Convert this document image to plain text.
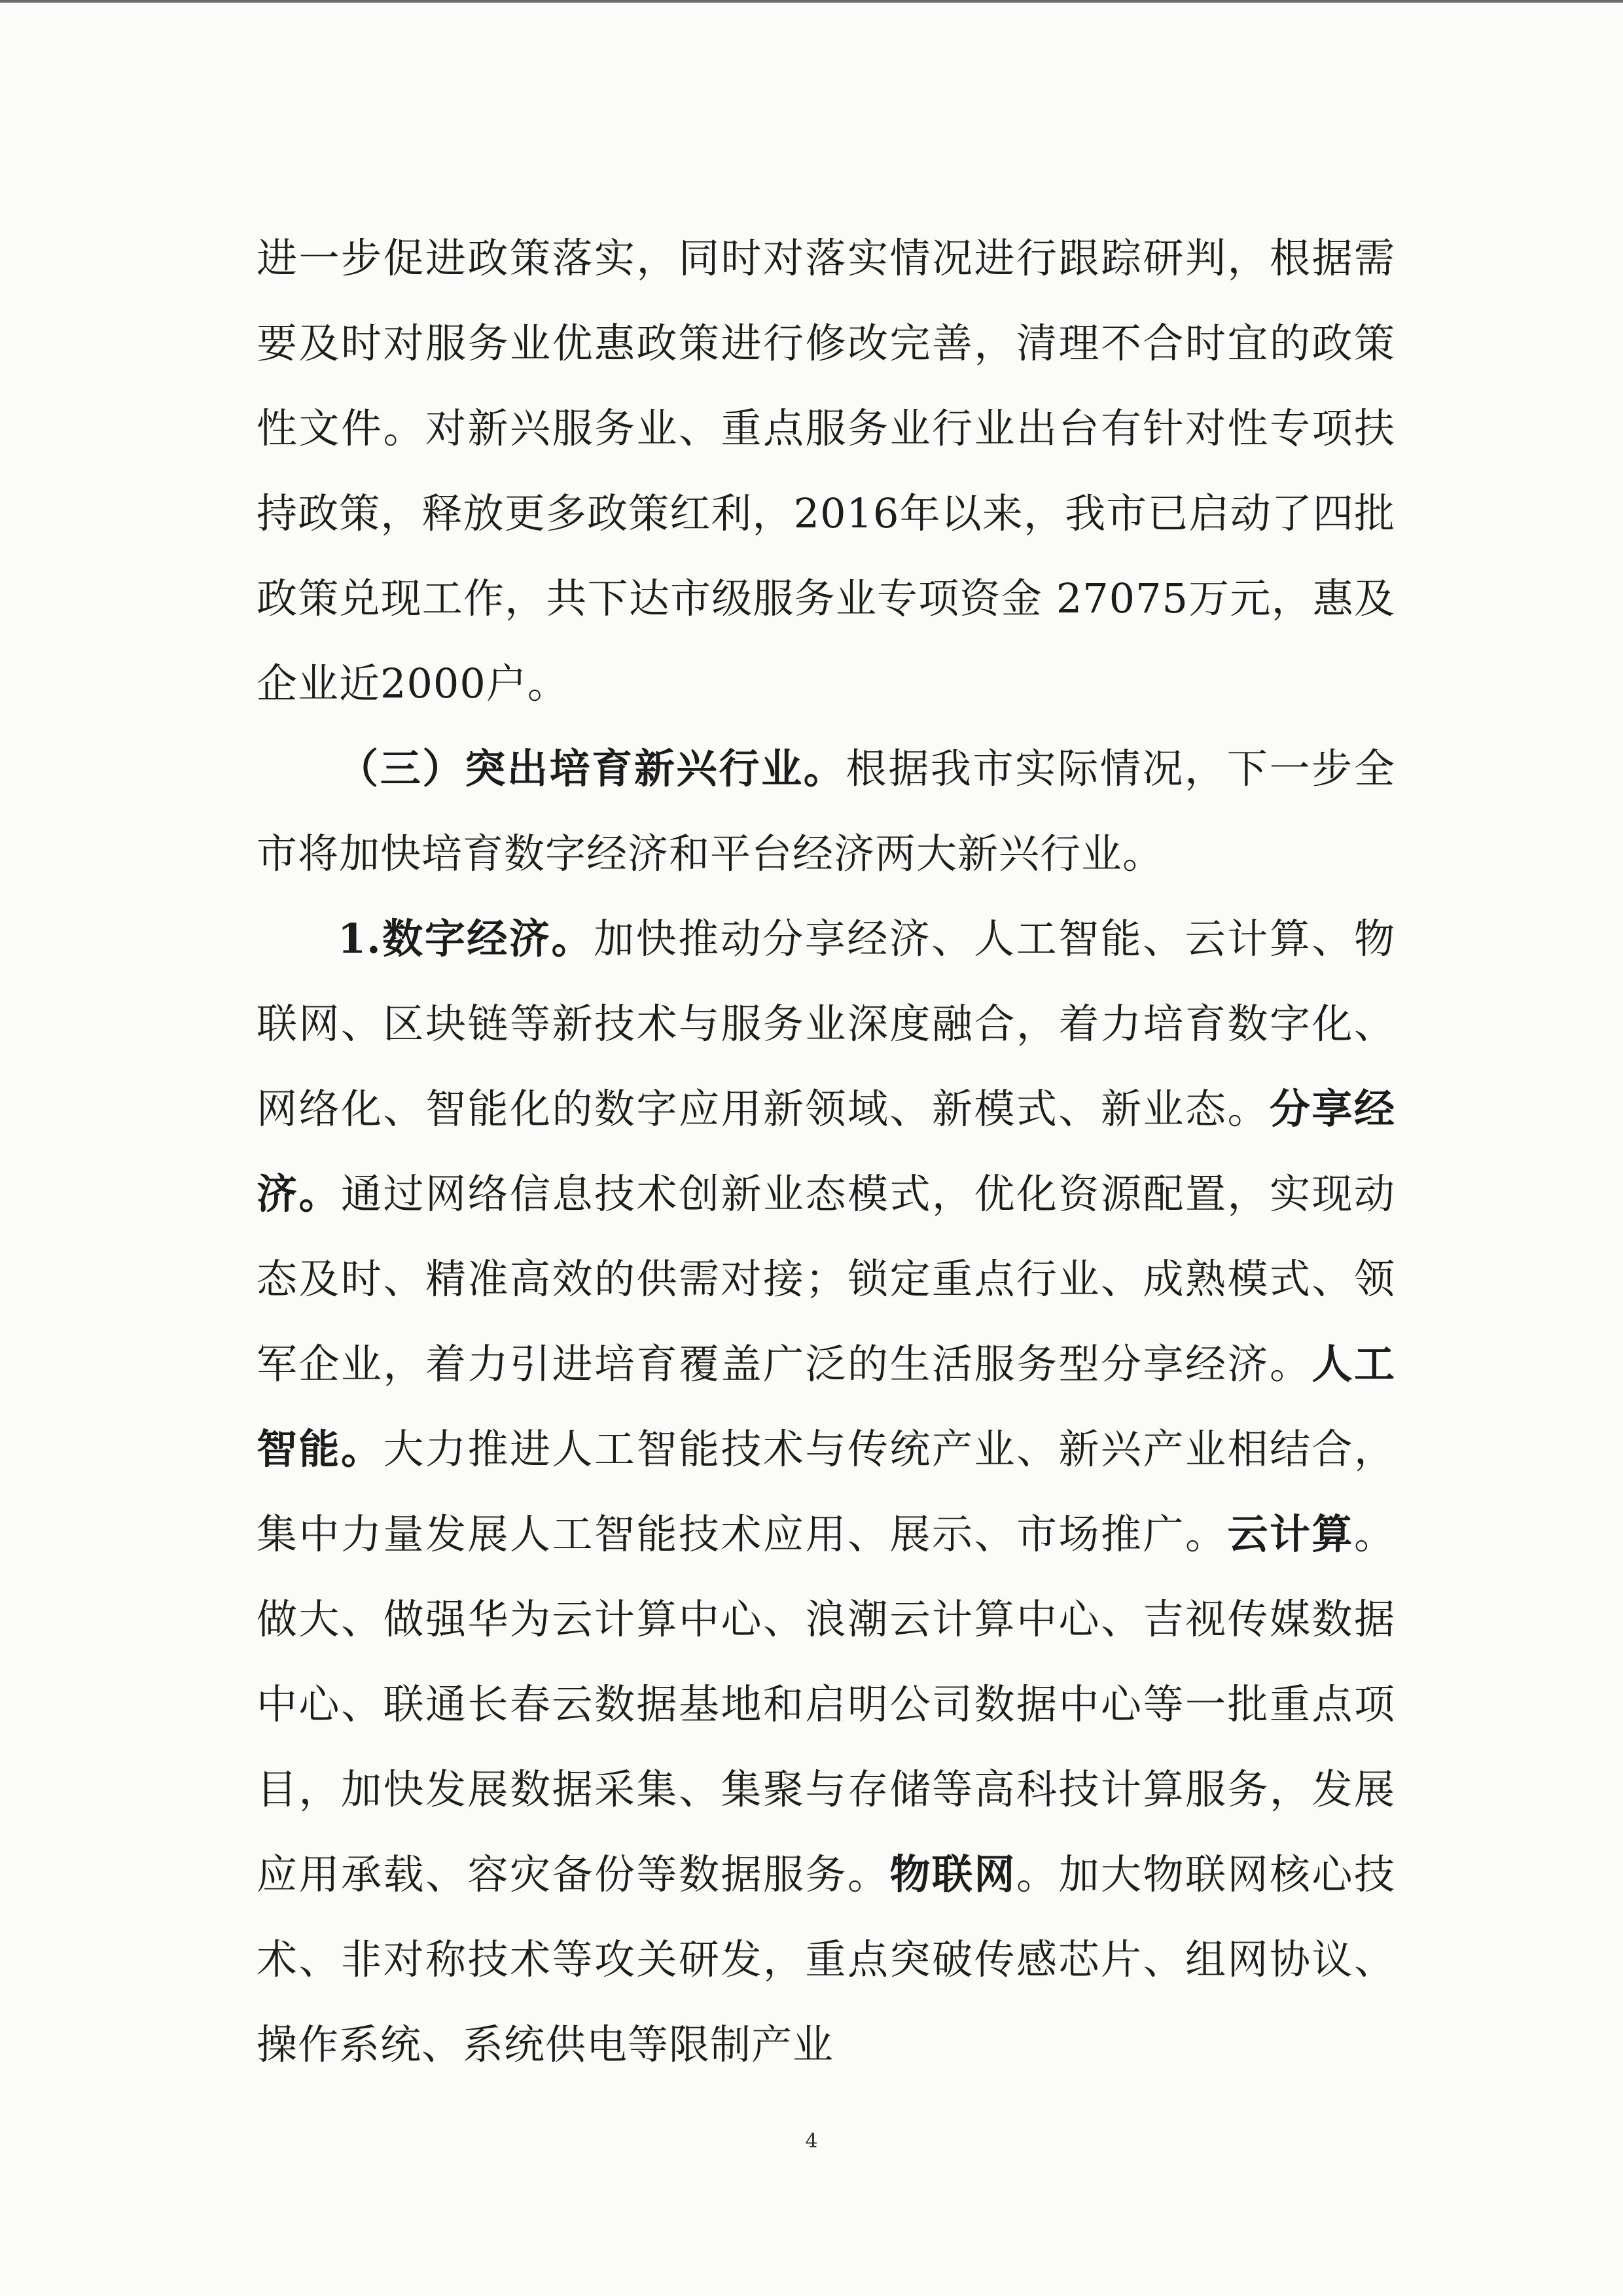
进一步促进政策落实，同时对落实情况进行跟踪研判，根据需要及时对服务业优惠政策进行修改完善，清理不合时宜的政策性文件。对新兴服务业、重点服务业行业出台有针对性专项扶持政策，释放更多政策红利，2016年以来，我市已启动了四批政策兑现工作，共下达市级服务业专项资金 27075万元，惠及企业近2000户。

（三）突出培育新兴行业。根据我市实际情况，下一步全市将加快培育数字经济和平台经济两大新兴行业。

1.数字经济。加快推动分享经济、人工智能、云计算、物联网、区块链等新技术与服务业深度融合，着力培育数字化、网络化、智能化的数字应用新领域、新模式、新业态。分享经济。通过网络信息技术创新业态模式，优化资源配置，实现动态及时、精准高效的供需对接；锁定重点行业、成熟模式、领军企业，着力引进培育覆盖广泛的生活服务型分享经济。人工智能。大力推进人工智能技术与传统产业、新兴产业相结合，集中力量发展人工智能技术应用、展示、市场推广。云计算。做大、做强华为云计算中心、浪潮云计算中心、吉视传媒数据中心、联通长春云数据基地和启明公司数据中心等一批重点项目，加快发展数据采集、集聚与存储等高科技计算服务，发展应用承载、容灾备份等数据服务。物联网。加大物联网核心技术、非对称技术等攻关研发，重点突破传感芯片、组网协议、操作系统、系统供电等限制产业

4
